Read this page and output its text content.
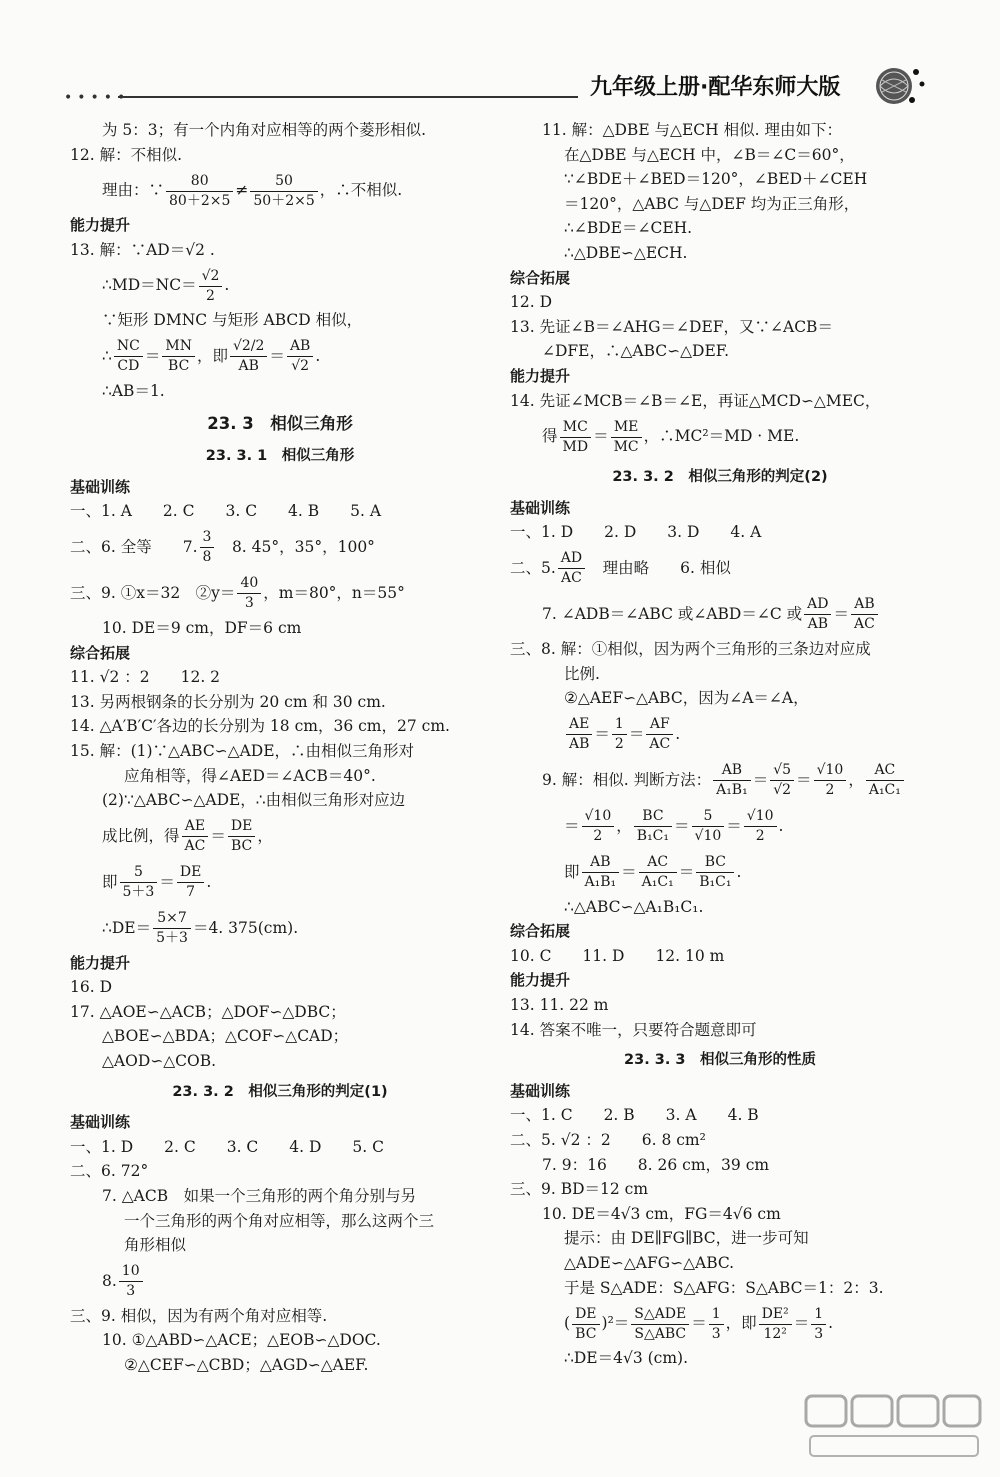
•••••	九年级上册·配华东师大版

为 5：3；有一个内角对应相等的两个菱形相似.

12. 解：不相似.

理由：∵ $\frac{80}{80+2\times 5} \ne \frac{50}{50+2\times 5}$ ，∴不相似.

能力提升

13. 解：∵AD＝√2 .

∴MD＝NC＝ $\frac{√2}{2}$ .

∵矩形 DMNC 与矩形 ABCD 相似，

∴ $\frac{NC}{CD} = \frac{MN}{BC}$ ，即 $\frac{√2/2}{AB} = \frac{AB}{√2}$ .

∴AB＝1.

23. 3　相似三角形

23. 3. 1　相似三角形

基础训练

一、1. A　　2. C　　3. C　　4. B　　5. A

二、6. 全等　　7. $\frac{3}{8}$ 　8. 45°，35°，100°

三、9. ①x＝32　②y＝ $\frac{40}{3}$ ，m＝80°，n＝55°

10. DE＝9 cm，DF＝6 cm

综合拓展

11. √2 ：2　　12. 2

13. 另两根钢条的长分别为 20 cm 和 30 cm.

14. △A′B′C′各边的长分别为 18 cm，36 cm，27 cm.

15. 解：(1)∵△ABC∽△ADE，∴由相似三角形对

应角相等，得∠AED＝∠ACB＝40°.

(2)∵△ABC∽△ADE，∴由相似三角形对应边

成比例，得 $\frac{AE}{AC} = \frac{DE}{BC}$ ，

即 $\frac{5}{5+3} = \frac{DE}{7}$ .

∴DE＝ $\frac{5\times 7}{5+3} =4$. 375(cm).

能力提升

16. D

17. △AOE∽△ACB；△DOF∽△DBC；

△BOE∽△BDA；△COF∽△CAD；

△AOD∽△COB.

23. 3. 2　相似三角形的判定(1)

基础训练

一、1. D　　2. C　　3. C　　4. D　　5. C

二、6. 72°

7. △ACB　如果一个三角形的两个角分别与另

一个三角形的两个角对应相等，那么这两个三

角形相似

8. $\frac{10}{3}$

三、9. 相似，因为有两个角对应相等.

10. ①△ABD∽△ACE；△EOB∽△DOC.

②△CEF∽△CBD；△AGD∽△AEF.

11. 解：△DBE 与△ECH 相似. 理由如下：

在△DBE 与△ECH 中，∠B＝∠C＝60°，

∵∠BDE＋∠BED＝120°，∠BED＋∠CEH

＝120°，△ABC 与△DEF 均为正三角形，

∴∠BDE＝∠CEH.

∴△DBE∽△ECH.

综合拓展

12. D

13. 先证∠B＝∠AHG＝∠DEF，又∵∠ACB＝

∠DFE，∴△ABC∽△DEF.

能力提升

14. 先证∠MCB＝∠B＝∠E，再证△MCD∽△MEC，

得 $\frac{MC}{MD} = \frac{ME}{MC}$ ，∴MC²＝MD · ME.

23. 3. 2　相似三角形的判定(2)

基础训练

一、1. D　　2. D　　3. D　　4. A

二、5. $\frac{AD}{AC}$ 　理由略　　6. 相似

7. ∠ADB＝∠ABC 或∠ABD＝∠C 或 $\frac{AD}{AB} = \frac{AB}{AC}$

三、8. 解：①相似，因为两个三角形的三条边对应成

比例.

②△AEF∽△ABC，因为∠A＝∠A，

$\frac{AE}{AB} = \frac{1}{2} = \frac{AF}{AC}$ .

9. 解：相似. 判断方法： $\frac{AB}{\text{A₁B₁}} = \frac{√5}{√2} = \frac{√10}{2}$ ， $\frac{AC}{\text{A₁C₁}}$

＝ $\frac{√10}{2}$ ， $\frac{BC}{\text{B₁C₁}} = \frac{5}{√10} = \frac{√10}{2}$ .

即 $\frac{AB}{\text{A₁B₁}} = \frac{AC}{\text{A₁C₁}} = \frac{BC}{\text{B₁C₁}}$ .

∴△ABC∽△A₁B₁C₁.

综合拓展

10. C　　11. D　　12. 10 m

能力提升

13. 11. 22 m

14. 答案不唯一，只要符合题意即可

23. 3. 3　相似三角形的性质

基础训练

一、1. C　　2. B　　3. A　　4. B

二、5. √2 ：2　　6. 8 cm²

7. 9：16　　8. 26 cm，39 cm

三、9. BD＝12 cm

10. DE＝4√3 cm，FG＝4√6 cm

提示：由 DE∥FG∥BC，进一步可知

△ADE∽△AFG∽△ABC.

于是 S△ADE：S△AFG：S△ABC＝1：2：3.

( $\frac{DE}{BC} )^2= \frac{\text{S△ADE}}{\text{S△ABC}} = \frac{1}{3}$ ，即 $\frac{\text{DE²}}{\text{12²}} = \frac{1}{3}$ .

∴DE＝4√3 (cm).
